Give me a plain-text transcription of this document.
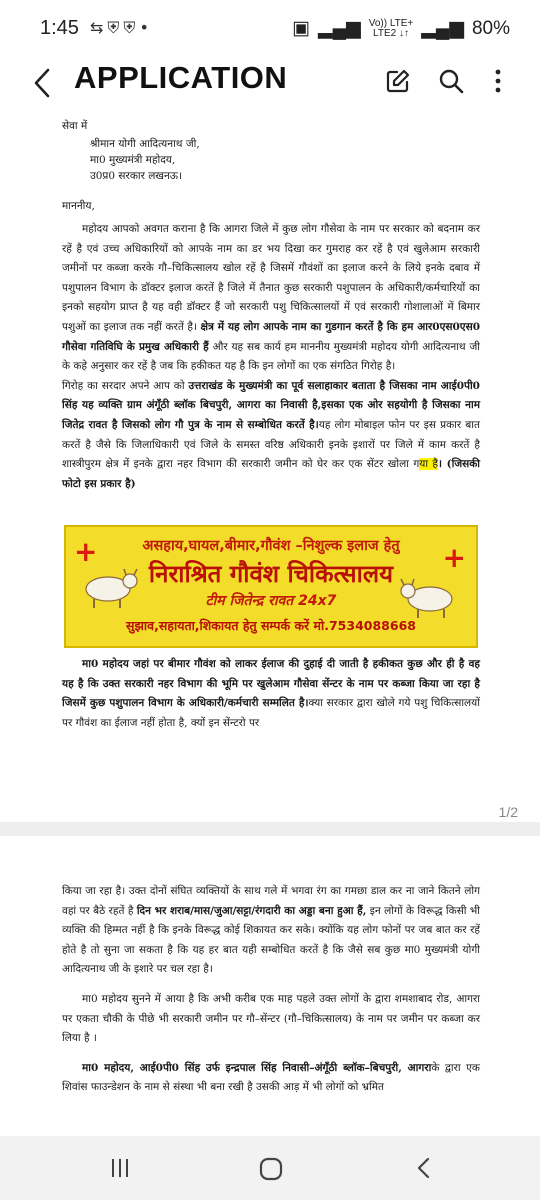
1:45 ⇆⛨⛨•	▣ ▂▄▆ Vo)) LTE+
LTE2 ↓↑ ▂▄▆ 80%
APPLICATION

सेवा में

श्रीमान योगी आदित्यनाथ जी,

मा0 मुख्यमंत्री महोदय,

उ0प्र0 सरकार लखनऊ।

माननीय,

महोदय आपको अवगत कराना है कि आगरा जिले में कुछ लोग गौसेवा के नाम पर सरकार को बदनाम कर रहें है एवं उच्च अधिकारियों को आपके नाम का डर भय दिखा कर गुमराह कर रहें है एवं खुलेआम सरकारी जमीनों पर कब्जा करके गौ–चिकित्सालय खोल रहें है जिसमें गौवंशों का इलाज करने के लिये इनके दबाव में पशुपालन विभाग के डॉक्टर इलाज करतें है जिले में तैनात कुछ सरकारी पशुपालन के अधिकारी/कर्मचारियों का इनको सहयोग प्राप्त है यह वही डॉक्टर हैं जो सरकारी पशु चिकित्सालयों में एवं सरकारी गोशालाओं में बिमार पशुओं का इलाज तक नहीं करतें है। क्षेत्र में यह लोग आपके नाम का गुडगान करतें है कि हम आर0एस0एस0 गौसेवा गतिविघि के प्रमुख अधिकारी हैं और यह सब कार्य हम माननीय मुख्यमंत्री महोदय योगी आदित्यनाथ जी के कहे अनुसार कर रहें है जब कि हकीकत यह है कि इन लोगों का एक संगठित गिरोह है।

गिरोह का सरदार अपने आप को उत्तराखंड के मुख्यमंत्री का पूर्व सलाहाकार बताता है जिसका नाम आई0पी0 सिंह यह व्यक्ति ग्राम अंगूँठी ब्लॉक बिचपुरी, आगरा का निवासी है,इसका एक ओर सहयोगी है जिसका नाम जितेद्र रावत है जिसको लोग गौ पुत्र के नाम से सम्बोधित करतें है।यह लोग मोबाइल फोन पर इस प्रकार बात करतें है जैसे कि जिलाधिकारी एवं जिले के समस्त वरिष्ठ अधिकारी इनके इशारों पर जिले में काम करतें है शास्त्रीपुरम क्षेत्र में इनके द्वारा नहर विभाग की सरकारी जमीन को घेर कर एक सेंटर खोला गया है। (जिसकी फोटो इस प्रकार है)

+	+
असहाय,घायल,बीमार,गौवंश –निशुल्क इलाज हेतु
निराश्रित गौवंश चिकित्सालय
टीम जितेन्द्र रावत 24x7
सुझाव,सहायता,शिकायत हेतु सम्पर्क करें मो.7534088668

मा0 महोदय जहां पर बीमार गौवंश को लाकर ईलाज की दुहाई दी जाती है हकीकत कुछ और ही है वह यह है कि उक्त सरकारी नहर विभाग की भूमि पर खुलेआम गौसेवा सेंन्टर के नाम पर कब्जा किया जा रहा है जिसमें कुछ पशुपालन विभाग के अधिकारी/कर्मचारी सम्मलित है।क्या सरकार द्वारा खोले गये पशु चिकित्सालयों पर गौवंश का ईलाज नहीं होता है, क्यों इन सेंन्टरो पर

1/2

किया जा रहा है। उक्त दोनों संघित व्यक्तियों के साथ गले में भगवा रंग का गमछा डाल कर ना जाने कितने लोग वहां पर बैठे रहतें है दिन भर शराब/मास/जुआ/सट्टा/रंगदारी का अड्डा बना हुआ हैं, इन लोगों के विरूद्ध किसी भी व्यक्ति की हिम्मत नहीं है कि इनके विरूद्ध कोई शिकायत कर सके। क्योंकि यह लोग फोनों पर जब बात कर रहें होते है तो सुना जा सकता है कि यह हर बात यही सम्बोधित करतें है कि जैसे सब कुछ मा0 मुख्यमंत्री योगी आदित्यनाथ जी के इशारे पर चल रहा है।

मा0 महोदय सुनने में आया है कि अभी करीब एक माह पहले उक्त लोगों के द्वारा शमशाबाद रोड, आगरा पर एकता चौकी के पीछे भी सरकारी जमीन पर गौ–सेंन्टर (गौ–चिकित्सालय) के नाम पर जमीन पर कब्जा कर लिया है ।

मा0 महोदय, आई0पी0 सिंह उर्फ इन्द्रपाल सिंह निवासी–अंगूँठी ब्लॉक–बिचपुरी, आगराके द्वारा एक शिवांस फाउन्डेशन के नाम से संस्था भी बना रखी है उसकी आड़ में भी लोगों को भ्रमित
